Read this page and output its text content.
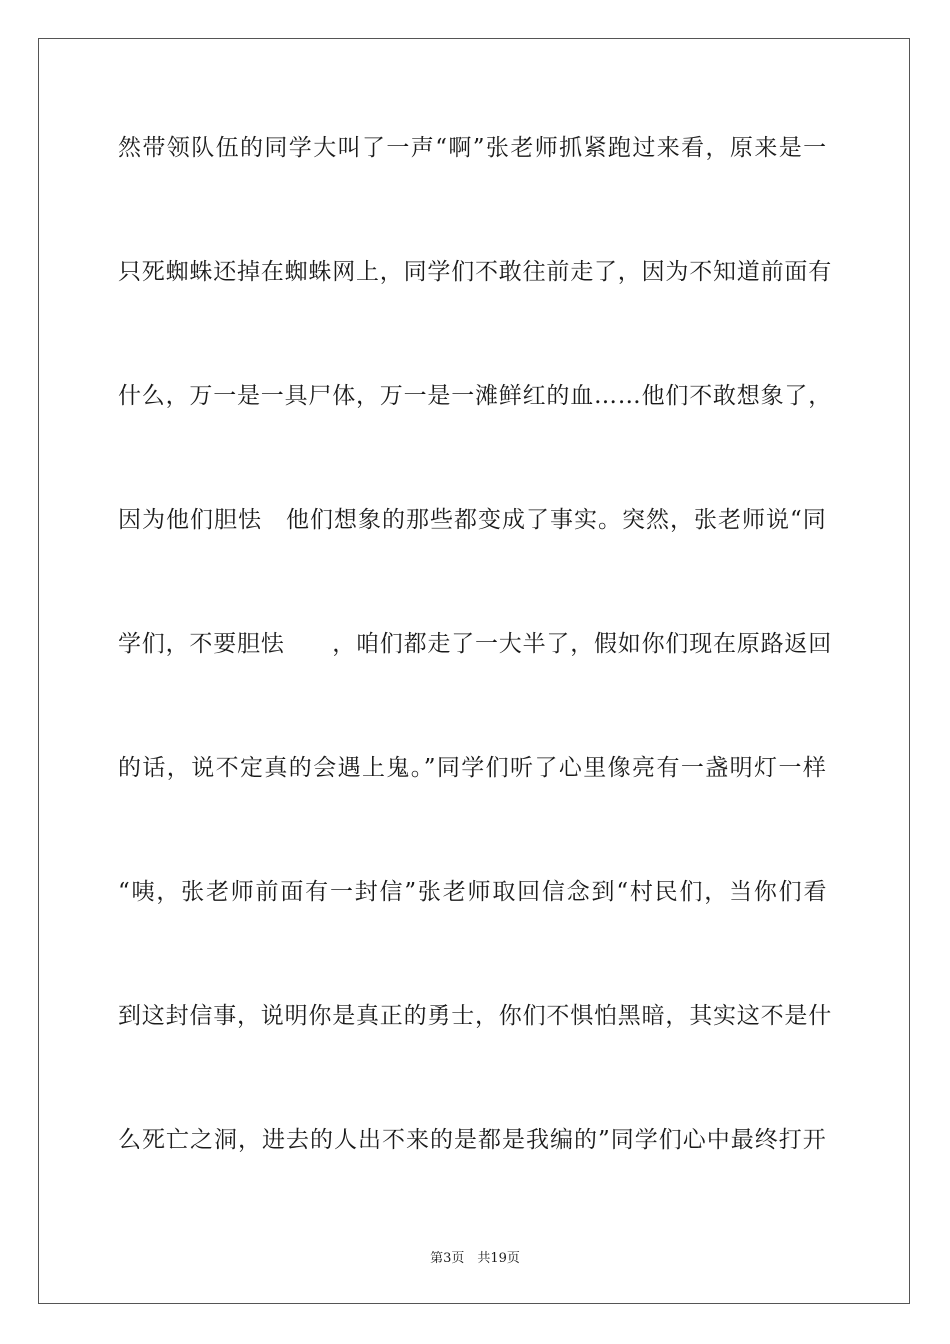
然带领队伍的同学大叫了一声“啊”张老师抓紧跑过来看，原来是一
只死蜘蛛还掉在蜘蛛网上，同学们不敢往前走了，因为不知道前面有
什么，万一是一具尸体，万一是一滩鲜红的血……他们不敢想象了，
因为他们胆怯　他们想象的那些都变成了事实。突然，张老师说“同
学们，不要胆怯　　，咱们都走了一大半了，假如你们现在原路返回
的话，说不定真的会遇上鬼。”同学们听了心里像亮有一盏明灯一样
“咦，张老师前面有一封信”张老师取回信念到“村民们，当你们看
到这封信事，说明你是真正的勇士，你们不惧怕黑暗，其实这不是什
么死亡之洞，进去的人出不来的是都是我编的”同学们心中最终打开
第3页　共19页
